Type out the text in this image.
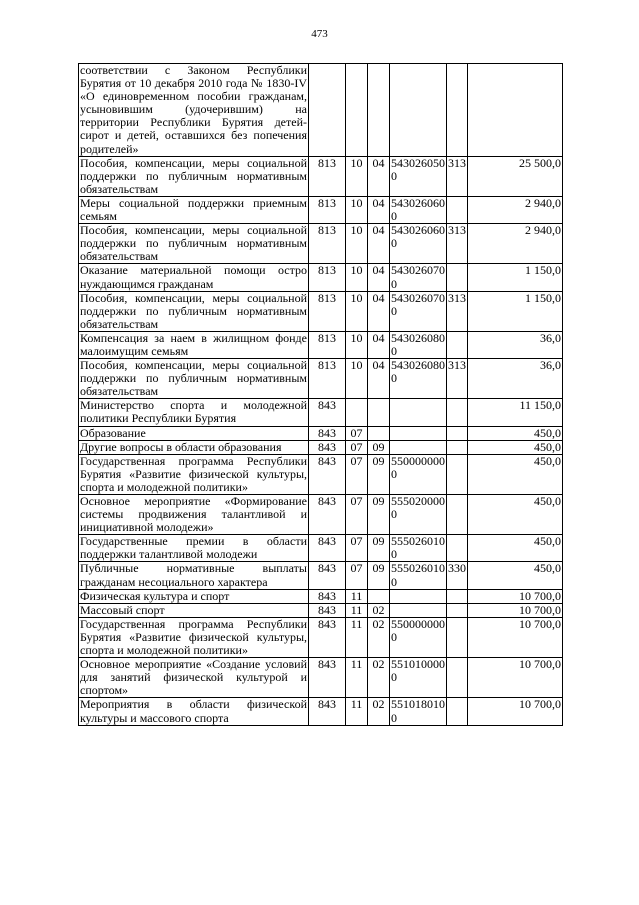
473
соответствии с Законом Республики Бурятия от 10 декабря 2010 года № 1830-IV «О единовременном пособии гражданам, усыновившим (удочерившим) на территории Республики Бурятия детей-сирот и детей, оставшихся без попечения родителей»						
Пособия, компенсации, меры социальной поддержки по публичным нормативным обязательствам	813	10	04	5430260500	313	25 500,0
Меры социальной поддержки приемным семьям	813	10	04	5430260600		2 940,0
Пособия, компенсации, меры социальной поддержки по публичным нормативным обязательствам	813	10	04	5430260600	313	2 940,0
Оказание материальной помощи остро нуждающимся гражданам	813	10	04	5430260700		1 150,0
Пособия, компенсации, меры социальной поддержки по публичным нормативным обязательствам	813	10	04	5430260700	313	1 150,0
Компенсация за наем в жилищном фонде малоимущим семьям	813	10	04	5430260800		36,0
Пособия, компенсации, меры социальной поддержки по публичным нормативным обязательствам	813	10	04	5430260800	313	36,0
Министерство спорта и молодежной политики Республики Бурятия	843					11 150,0
Образование	843	07				450,0
Другие вопросы в области образования	843	07	09			450,0
Государственная программа Республики Бурятия «Развитие физической культуры, спорта и молодежной политики»	843	07	09	5500000000		450,0
Основное мероприятие «Формирование системы продвижения талантливой и инициативной молодежи»	843	07	09	5550200000		450,0
Государственные премии в области поддержки талантливой молодежи	843	07	09	5550260100		450,0
Публичные нормативные выплаты гражданам несоциального характера	843	07	09	5550260100	330	450,0
Физическая культура и спорт	843	11				10 700,0
Массовый спорт	843	11	02			10 700,0
Государственная программа Республики Бурятия «Развитие физической культуры, спорта и молодежной политики»	843	11	02	5500000000		10 700,0
Основное мероприятие «Создание условий для занятий физической культурой и спортом»	843	11	02	5510100000		10 700,0
Мероприятия в области физической культуры и массового спорта	843	11	02	5510180100		10 700,0
